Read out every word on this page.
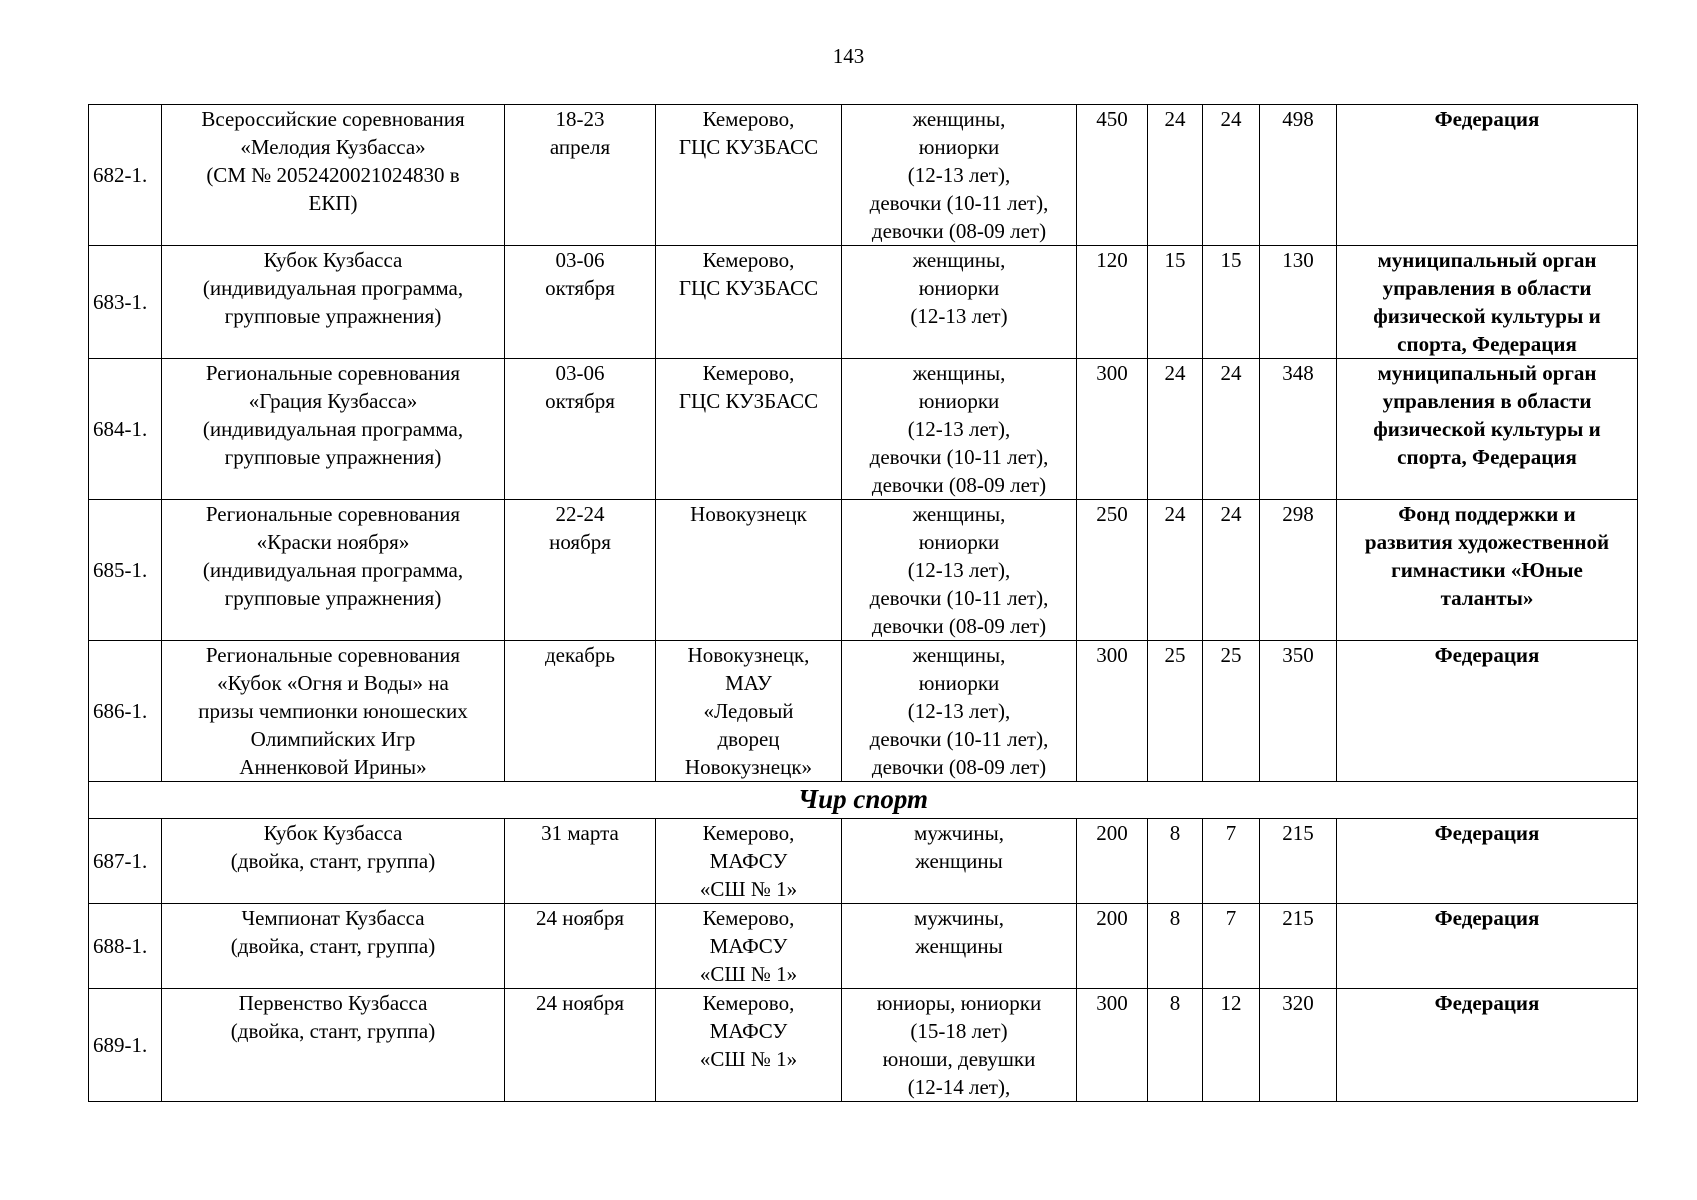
143
682-1.	Всероссийские соревнования
«Мелодия Кузбасса»
(СМ № 2052420021024830 в
ЕКП)	18-23
апреля	Кемерово,
ГЦС КУЗБАСС	женщины,
юниорки
(12-13 лет),
девочки (10-11 лет),
девочки (08-09 лет)	450	24	24	498	Федерация

683-1.	Кубок Кузбасса
(индивидуальная программа,
групповые упражнения)	03-06
октября	Кемерово,
ГЦС КУЗБАСС	женщины,
юниорки
(12-13 лет)	120	15	15	130	муниципальный орган
управления в области
физической культуры и
спорта, Федерация

684-1.	Региональные соревнования
«Грация Кузбасса»
(индивидуальная программа,
групповые упражнения)	03-06
октября	Кемерово,
ГЦС КУЗБАСС	женщины,
юниорки
(12-13 лет),
девочки (10-11 лет),
девочки (08-09 лет)	300	24	24	348	муниципальный орган
управления в области
физической культуры и
спорта, Федерация

685-1.	Региональные соревнования
«Краски ноября»
(индивидуальная программа,
групповые упражнения)	22-24
ноября	Новокузнецк	женщины,
юниорки
(12-13 лет),
девочки (10-11 лет),
девочки (08-09 лет)	250	24	24	298	Фонд поддержки и
развития художественной
гимнастики «Юные
таланты»

686-1.	Региональные соревнования
«Кубок «Огня и Воды» на
призы чемпионки юношеских
Олимпийских Игр
Анненковой Ирины»	декабрь	Новокузнецк,
МАУ
«Ледовый
дворец
Новокузнецк»	женщины,
юниорки
(12-13 лет),
девочки (10-11 лет),
девочки (08-09 лет)	300	25	25	350	Федерация

Чир спорт									
687-1.	Кубок Кузбасса
(двойка, стант, группа)	31 марта	Кемерово,
МАФСУ
«СШ № 1»	мужчины,
женщины	200	8	7	215	Федерация

688-1.	Чемпионат Кузбасса
(двойка, стант, группа)	24 ноября	Кемерово,
МАФСУ
«СШ № 1»	мужчины,
женщины	200	8	7	215	Федерация

689-1.	Первенство Кузбасса
(двойка, стант, группа)	24 ноября	Кемерово,
МАФСУ
«СШ № 1»	юниоры, юниорки
(15-18 лет)
юноши, девушки
(12-14 лет),	300	8	12	320	Федерация
